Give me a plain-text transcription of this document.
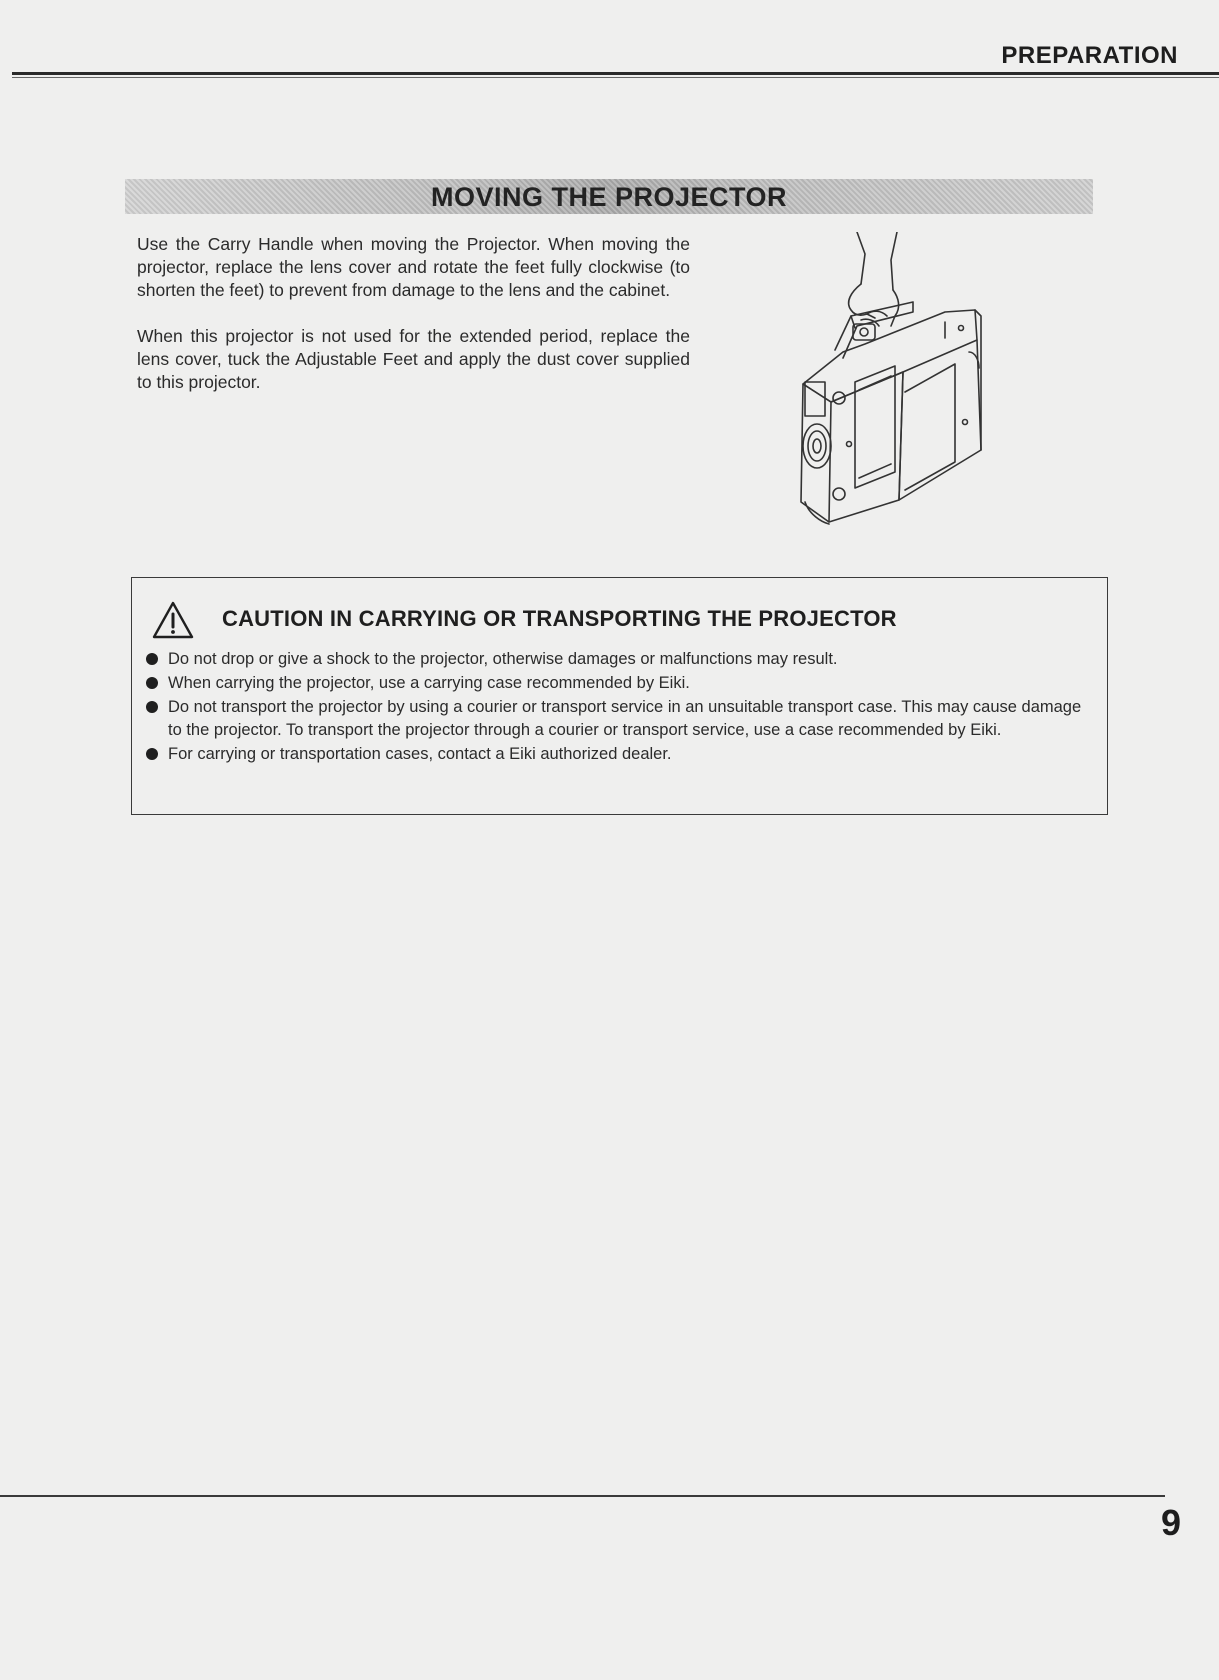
PREPARATION
MOVING THE PROJECTOR

Use the Carry Handle when moving the Projector. When moving the projector, replace the lens cover and rotate the feet fully clockwise (to shorten the feet) to prevent from damage to the lens and the cabinet.

When this projector is not used for the extended period, replace the lens cover, tuck the Adjustable Feet and apply the dust cover supplied to this projector.

CAUTION IN CARRYING OR TRANSPORTING THE PROJECTOR
Do not drop or give a shock to the projector, otherwise damages or malfunctions may result.
When carrying the projector, use a carrying case recommended by Eiki.
Do not transport the projector by using a courier or transport service in an unsuitable transport case. This may cause damage to the projector. To transport the projector through a courier or transport service, use a case recommended by Eiki.
For carrying or transportation cases, contact a Eiki authorized dealer.
9
